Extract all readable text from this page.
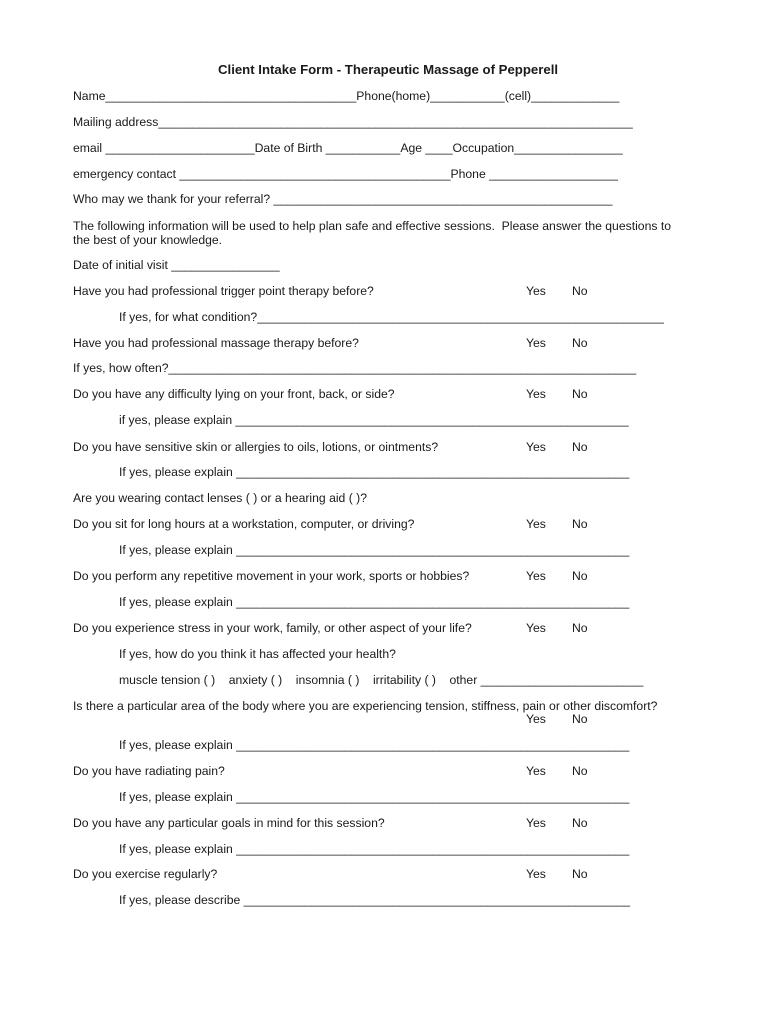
Client Intake Form - Therapeutic Massage of Pepperell
Name_____________________________________Phone(home)___________(cell)_____________
Mailing address______________________________________________________________________
email ______________________Date of Birth ___________Age ____Occupation________________
emergency contact ________________________________________Phone ___________________
Who may we thank for your referral? __________________________________________________
The following information will be used to help plan safe and effective sessions.  Please answer the questions to
the best of your knowledge.
Date of initial visit ________________
Have you had professional trigger point therapy before?	Yes No
If yes, for what condition?____________________________________________________________
Have you had professional massage therapy before?	Yes No
If yes, how often?_____________________________________________________________________
Do you have any difficulty lying on your front, back, or side?	Yes No
if yes, please explain __________________________________________________________
Do you have sensitive skin or allergies to oils, lotions, or ointments?	Yes No
If yes, please explain __________________________________________________________
Are you wearing contact lenses ( ) or a hearing aid ( )?
Do you sit for long hours at a workstation, computer, or driving?	Yes No
If yes, please explain __________________________________________________________
Do you perform any repetitive movement in your work, sports or hobbies?	Yes No
If yes, please explain __________________________________________________________
Do you experience stress in your work, family, or other aspect of your life?	Yes No
If yes, how do you think it has affected your health?
muscle tension ( )    anxiety ( )    insomnia ( )    irritability ( )    other ________________________
Is there a particular area of the body where you are experiencing tension, stiffness, pain or other discomfort?
Yes No
If yes, please explain __________________________________________________________
Do you have radiating pain?	Yes No
If yes, please explain __________________________________________________________
Do you have any particular goals in mind for this session?	Yes No
If yes, please explain __________________________________________________________
Do you exercise regularly?	Yes No
If yes, please describe _________________________________________________________
